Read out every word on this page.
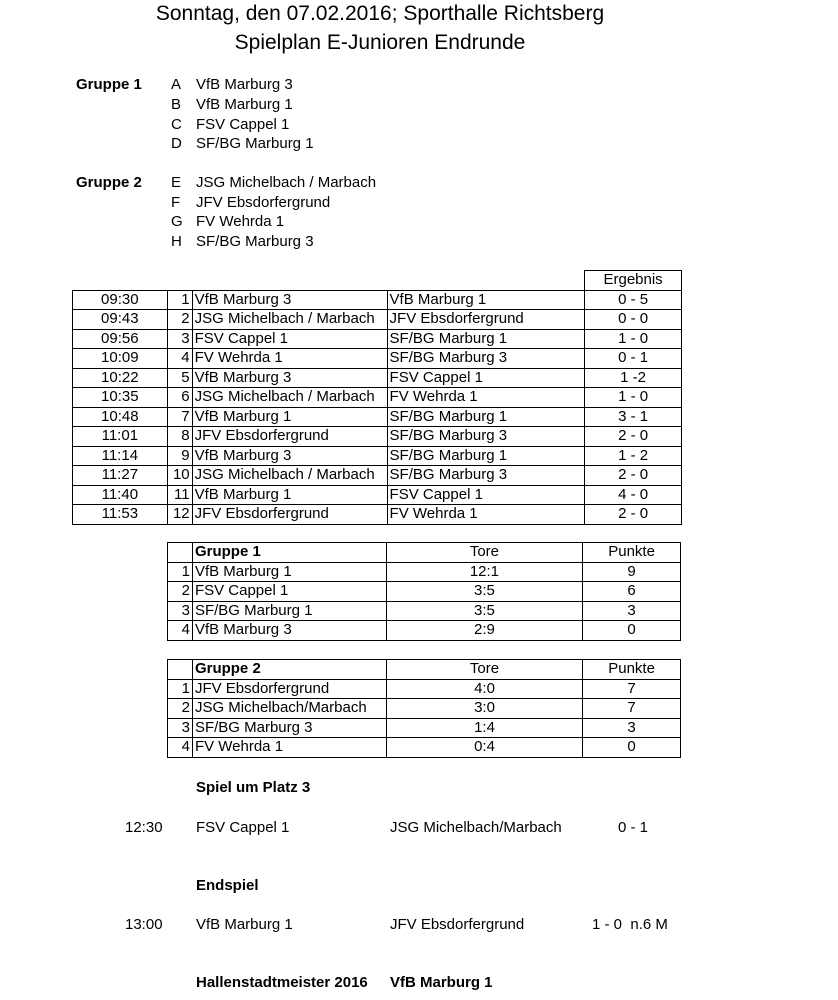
Sonntag, den 07.02.2016; Sporthalle Richtsberg
Spielplan E-Junioren Endrunde
Gruppe 1 A VfB Marburg 3
B VfB Marburg 1
C FSV Cappel 1
D SF/BG Marburg 1
Gruppe 2 E JSG Michelbach / Marbach
F JFV Ebsdorfergrund
G FV Wehrda 1
H SF/BG Marburg 3
				Ergebnis
09:30	1	VfB Marburg 3	VfB Marburg 1	0 - 5
09:43	2	JSG Michelbach / Marbach	JFV Ebsdorfergrund	0 - 0
09:56	3	FSV Cappel 1	SF/BG Marburg 1	1 - 0
10:09	4	FV Wehrda 1	SF/BG Marburg 3	0 - 1
10:22	5	VfB Marburg 3	FSV Cappel 1	1 -2
10:35	6	JSG Michelbach / Marbach	FV Wehrda 1	1 - 0
10:48	7	VfB Marburg 1	SF/BG Marburg 1	3 - 1
11:01	8	JFV Ebsdorfergrund	SF/BG Marburg 3	2 - 0
11:14	9	VfB Marburg 3	SF/BG Marburg 1	1 - 2
11:27	10	JSG Michelbach / Marbach	SF/BG Marburg 3	2 - 0
11:40	11	VfB Marburg 1	FSV Cappel 1	4 - 0
11:53	12	JFV Ebsdorfergrund	FV Wehrda 1	2 - 0
	Gruppe 1	Tore	Punkte
1	VfB Marburg 1	12:1	9
2	FSV Cappel 1	3:5	6
3	SF/BG Marburg 1	3:5	3
4	VfB Marburg 3	2:9	0
	Gruppe 2	Tore	Punkte
1	JFV Ebsdorfergrund	4:0	7
2	JSG Michelbach/Marbach	3:0	7
3	SF/BG Marburg 3	1:4	3
4	FV Wehrda 1	0:4	0
Spiel um Platz 3
12:30 FSV Cappel 1	JSG Michelbach/Marbach	0 - 1
Endspiel
13:00 VfB Marburg 1	JFV Ebsdorfergrund	1 - 0  n.6 M
Hallenstadtmeister 2016 VfB Marburg 1
